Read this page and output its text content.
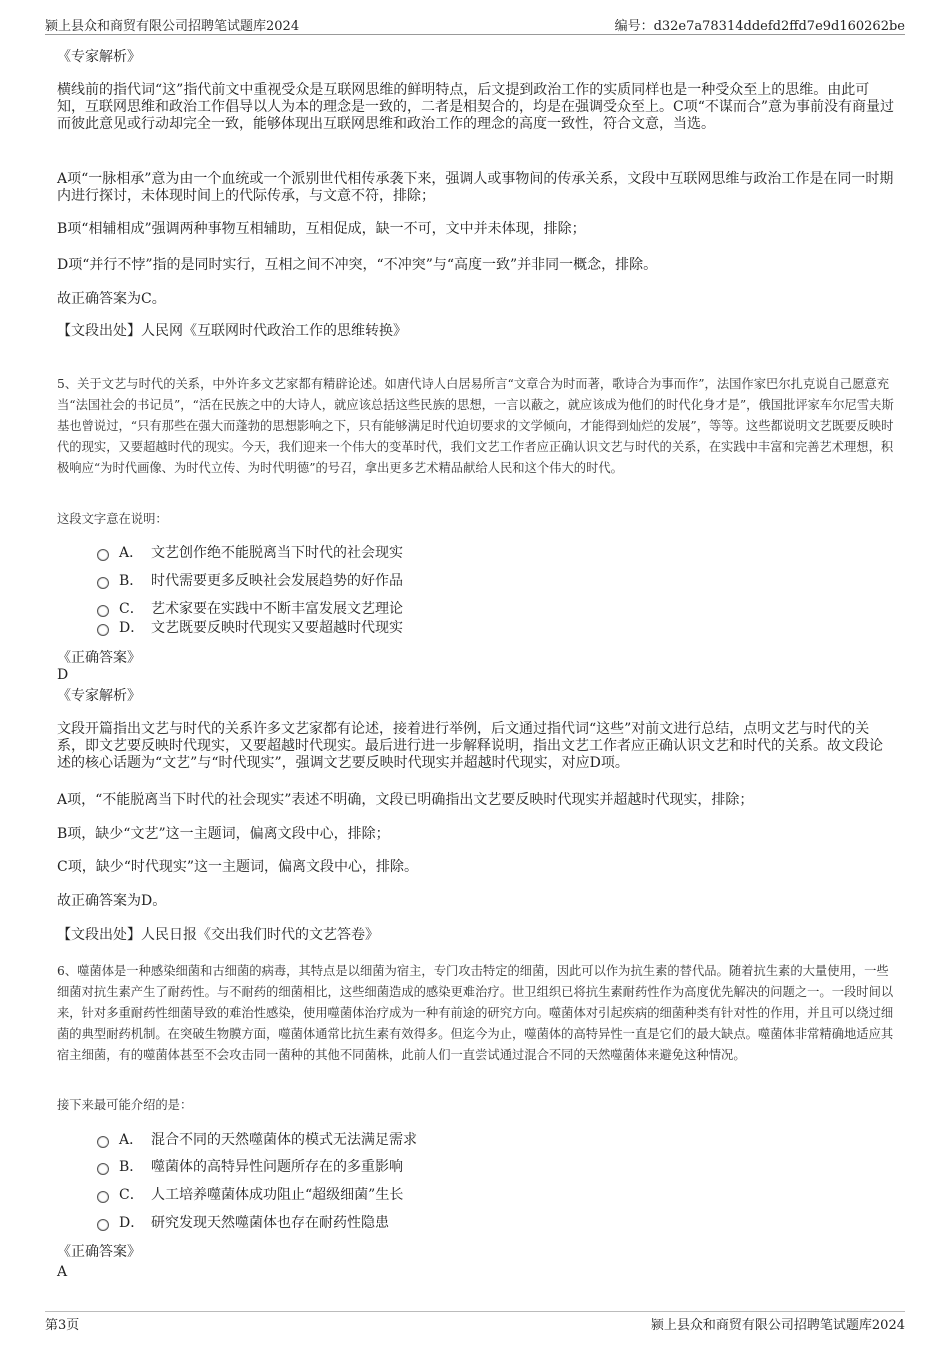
颍上县众和商贸有限公司招聘笔试题库2024	编号：d32e7a78314ddefd2ffd7e9d160262be
《专家解析》
横线前的指代词“这”指代前文中重视受众是互联网思维的鲜明特点，后文提到政治工作的实质同样也是一种受众至上的思维。由此可知，互联网思维和政治工作倡导以人为本的理念是一致的，二者是相契合的，均是在强调受众至上。C项“不谋而合”意为事前没有商量过而彼此意见或行动却完全一致，能够体现出互联网思维和政治工作的理念的高度一致性，符合文意，当选。
A项“一脉相承”意为由一个血统或一个派别世代相传承袭下来，强调人或事物间的传承关系，文段中互联网思维与政治工作是在同一时期内进行探讨，未体现时间上的代际传承，与文意不符，排除；
B项“相辅相成”强调两种事物互相辅助，互相促成，缺一不可，文中并未体现，排除；
D项“并行不悖”指的是同时实行，互相之间不冲突，“不冲突”与“高度一致”并非同一概念，排除。
故正确答案为C。
【文段出处】人民网《互联网时代政治工作的思维转换》
5、关于文艺与时代的关系，中外许多文艺家都有精辟论述。如唐代诗人白居易所言“文章合为时而著，歌诗合为事而作”，法国作家巴尔扎克说自己愿意充当“法国社会的书记员”，“活在民族之中的大诗人，就应该总括这些民族的思想，一言以蔽之，就应该成为他们的时代化身才是”，俄国批评家车尔尼雪夫斯基也曾说过，“只有那些在强大而蓬勃的思想影响之下，只有能够满足时代迫切要求的文学倾向，才能得到灿烂的发展”，等等。这些都说明文艺既要反映时代的现实，又要超越时代的现实。今天，我们迎来一个伟大的变革时代，我们文艺工作者应正确认识文艺与时代的关系，在实践中丰富和完善艺术理想，积极响应“为时代画像、为时代立传、为时代明德”的号召，拿出更多艺术精品献给人民和这个伟大的时代。
这段文字意在说明：
A． 文艺创作绝不能脱离当下时代的社会现实
B． 时代需要更多反映社会发展趋势的好作品
C． 艺术家要在实践中不断丰富发展文艺理论
D． 文艺既要反映时代现实又要超越时代现实
《正确答案》
D
《专家解析》
文段开篇指出文艺与时代的关系许多文艺家都有论述，接着进行举例，后文通过指代词“这些”对前文进行总结，点明文艺与时代的关系，即文艺要反映时代现实，又要超越时代现实。最后进行进一步解释说明，指出文艺工作者应正确认识文艺和时代的关系。故文段论述的核心话题为“文艺”与“时代现实”，强调文艺要反映时代现实并超越时代现实，对应D项。
A项，“不能脱离当下时代的社会现实”表述不明确，文段已明确指出文艺要反映时代现实并超越时代现实，排除；
B项，缺少“文艺”这一主题词，偏离文段中心，排除；
C项，缺少“时代现实”这一主题词，偏离文段中心，排除。
故正确答案为D。
【文段出处】人民日报《交出我们时代的文艺答卷》
6、噬菌体是一种感染细菌和古细菌的病毒，其特点是以细菌为宿主，专门攻击特定的细菌，因此可以作为抗生素的替代品。随着抗生素的大量使用，一些细菌对抗生素产生了耐药性。与不耐药的细菌相比，这些细菌造成的感染更难治疗。世卫组织已将抗生素耐药性作为高度优先解决的问题之一。一段时间以来，针对多重耐药性细菌导致的难治性感染，使用噬菌体治疗成为一种有前途的研究方向。噬菌体对引起疾病的细菌种类有针对性的作用，并且可以绕过细菌的典型耐药机制。在突破生物膜方面，噬菌体通常比抗生素有效得多。但迄今为止，噬菌体的高特异性一直是它们的最大缺点。噬菌体非常精确地适应其宿主细菌，有的噬菌体甚至不会攻击同一菌种的其他不同菌株，此前人们一直尝试通过混合不同的天然噬菌体来避免这种情况。
接下来最可能介绍的是：
A． 混合不同的天然噬菌体的模式无法满足需求
B． 噬菌体的高特异性问题所存在的多重影响
C． 人工培养噬菌体成功阻止“超级细菌”生长
D． 研究发现天然噬菌体也存在耐药性隐患
《正确答案》
A
第3页	颍上县众和商贸有限公司招聘笔试题库2024
